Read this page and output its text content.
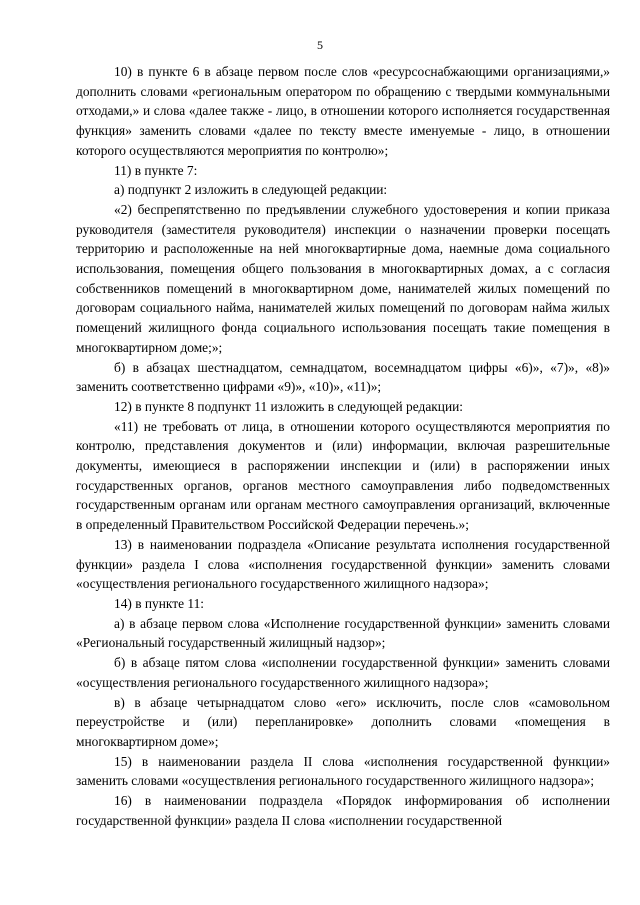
5

10) в пункте 6 в абзаце первом после слов «ресурсоснабжающими организациями,» дополнить словами «региональным оператором по обращению с твердыми коммунальными отходами,» и слова «далее также - лицо, в отношении которого исполняется государственная функция» заменить словами «далее по тексту вместе именуемые - лицо, в отношении которого осуществляются мероприятия по контролю»;

11) в пункте 7:

а) подпункт 2 изложить в следующей редакции:

«2) беспрепятственно по предъявлении служебного удостоверения и копии приказа руководителя (заместителя руководителя) инспекции о назначении проверки посещать территорию и расположенные на ней многоквартирные дома, наемные дома социального использования, помещения общего пользования в многоквартирных домах, а с согласия собственников помещений в многоквартирном доме, нанимателей жилых помещений по договорам социального найма, нанимателей жилых помещений по договорам найма жилых помещений жилищного фонда социального использования посещать такие помещения в многоквартирном доме;»;

б) в абзацах шестнадцатом, семнадцатом, восемнадцатом цифры «6)», «7)», «8)» заменить соответственно цифрами «9)», «10)», «11)»;

12) в пункте 8 подпункт 11 изложить в следующей редакции:

«11) не требовать от лица, в отношении которого осуществляются мероприятия по контролю, представления документов и (или) информации, включая разрешительные документы, имеющиеся в распоряжении инспекции и (или) в распоряжении иных государственных органов, органов местного самоуправления либо подведомственных государственным органам или органам местного самоуправления организаций, включенные в определенный Правительством Российской Федерации перечень.»;

13) в наименовании подраздела «Описание результата исполнения государственной функции» раздела I слова «исполнения государственной функции» заменить словами «осуществления регионального государственного жилищного надзора»;

14) в пункте 11:

а) в абзаце первом слова «Исполнение государственной функции» заменить словами «Региональный государственный жилищный надзор»;

б) в абзаце пятом слова «исполнении государственной функции» заменить словами «осуществления регионального государственного жилищного надзора»;

в) в абзаце четырнадцатом слово «его» исключить, после слов «самовольном переустройстве и (или) перепланировке» дополнить словами «помещения в многоквартирном доме»;

15) в наименовании раздела II слова «исполнения государственной функции» заменить словами «осуществления регионального государственного жилищного надзора»;

16) в наименовании подраздела «Порядок информирования об исполнении государственной функции» раздела II слова «исполнении государственной
